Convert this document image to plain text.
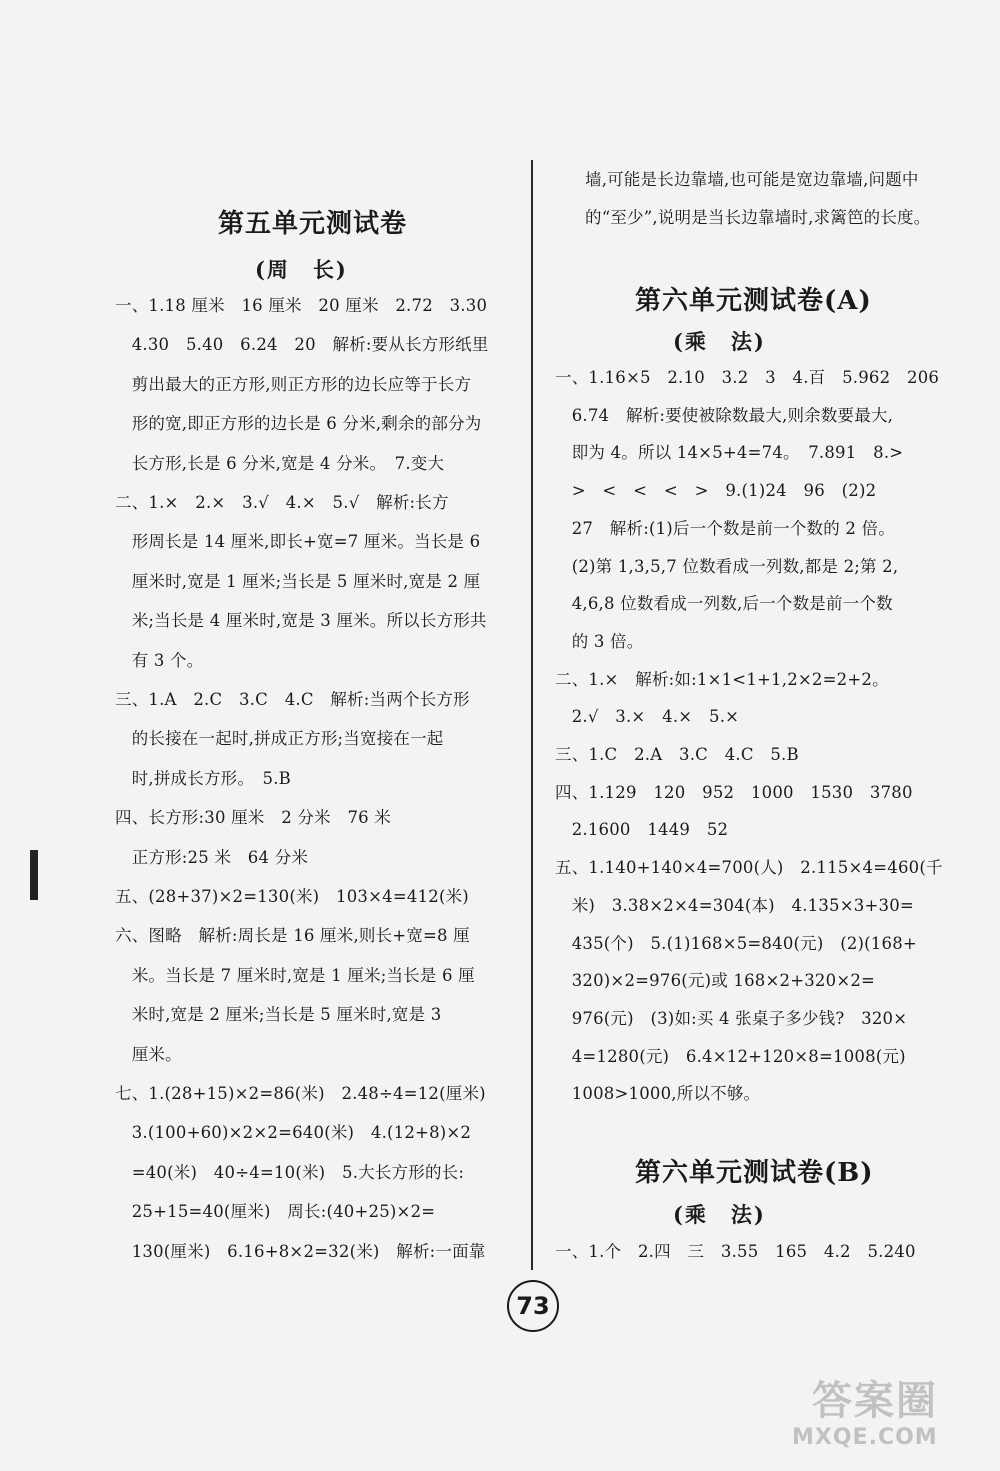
第五单元测试卷
(周　长)
一、1.18 厘米　16 厘米　20 厘米　2.72　3.30
　4.30　5.40　6.24　20　解析:要从长方形纸里
　剪出最大的正方形,则正方形的边长应等于长方
　形的宽,即正方形的边长是 6 分米,剩余的部分为
　长方形,长是 6 分米,宽是 4 分米。　7.变大
二、1.×　2.×　3.√　4.×　5.√　解析:长方
　形周长是 14 厘米,即长+宽=7 厘米。当长是 6
　厘米时,宽是 1 厘米;当长是 5 厘米时,宽是 2 厘
　米;当长是 4 厘米时,宽是 3 厘米。所以长方形共
　有 3 个。
三、1.A　2.C　3.C　4.C　解析:当两个长方形
　的长接在一起时,拼成正方形;当宽接在一起
　时,拼成长方形。　5.B
四、长方形:30 厘米　2 分米　76 米
　正方形:25 米　64 分米
五、(28+37)×2=130(米)　103×4=412(米)
六、图略　解析:周长是 16 厘米,则长+宽=8 厘
　米。当长是 7 厘米时,宽是 1 厘米;当长是 6 厘
　米时,宽是 2 厘米;当长是 5 厘米时,宽是 3
　厘米。
七、1.(28+15)×2=86(米)　2.48÷4=12(厘米)
　3.(100+60)×2×2=640(米)　4.(12+8)×2
　=40(米)　40÷4=10(米)　5.大长方形的长:
　25+15=40(厘米)　周长:(40+25)×2=
　130(厘米)　6.16+8×2=32(米)　解析:一面靠
墙,可能是长边靠墙,也可能是宽边靠墙,问题中
的“至少”,说明是当长边靠墙时,求篱笆的长度。
第六单元测试卷(A)
(乘　法)
一、1.16×5　2.10　3.2　3　4.百　5.962　206
　6.74　解析:要使被除数最大,则余数要最大,
　即为 4。所以 14×5+4=74。　7.891　8.>
　>　<　<　<　>　9.(1)24　96　(2)2
　27　解析:(1)后一个数是前一个数的 2 倍。
　(2)第 1,3,5,7 位数看成一列数,都是 2;第 2,
　4,6,8 位数看成一列数,后一个数是前一个数
　的 3 倍。
二、1.×　解析:如:1×1<1+1,2×2=2+2。
　2.√　3.×　4.×　5.×
三、1.C　2.A　3.C　4.C　5.B
四、1.129　120　952　1000　1530　3780
　2.1600　1449　52
五、1.140+140×4=700(人)　2.115×4=460(千
　米)　3.38×2×4=304(本)　4.135×3+30=
　435(个)　5.(1)168×5=840(元)　(2)(168+
　320)×2=976(元)或 168×2+320×2=
　976(元)　(3)如:买 4 张桌子多少钱?　320×
　4=1280(元)　6.4×12+120×8=1008(元)
　1008>1000,所以不够。
第六单元测试卷(B)
(乘　法)
一、1.个　2.四　三　3.55　165　4.2　5.240
73
答案圈
MXQE.COM
